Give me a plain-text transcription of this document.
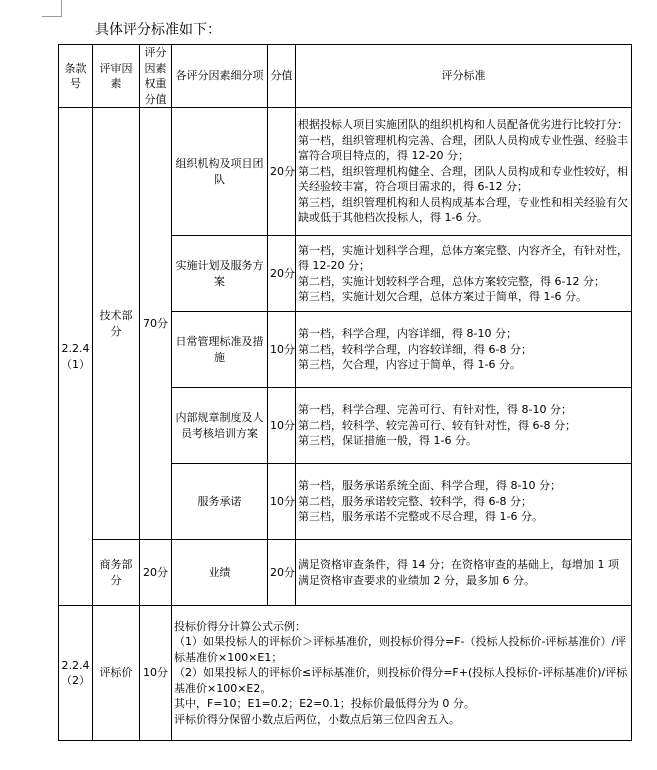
具体评分标准如下：
条款号	评审因素	评分因素权重分值	各评分因素细分项	分值	评分标准
2.2.4（1）	技术部分	70分	组织机构及项目团队	20分	根据投标人项目实施团队的组织机构和人员配备优劣进行比较打分：
第一档，组织管理机构完善、合理，团队人员构成专业性强、经验丰富符合项目特点的，得 12-20 分；
第二档，组织管理机构健全、合理，团队人员构成和专业性较好，相关经验较丰富，符合项目需求的，得 6-12 分；
第三档，组织管理机构和人员构成基本合理，专业性和相关经验有欠缺或低于其他档次投标人，得 1-6 分。

			实施计划及服务方案	20分	第一档，实施计划科学合理，总体方案完整、内容齐全，有针对性，得 12-20 分；
第二档，实施计划较科学合理，总体方案较完整，得 6-12 分；
第三档，实施计划欠合理，总体方案过于简单，得 1-6 分。

			日常管理标准及措施	10分	第一档，科学合理，内容详细，得 8-10 分；
第二档，较科学合理，内容较详细，得 6-8 分；
第三档，欠合理，内容过于简单，得 1-6 分。

			内部规章制度及人员考核培训方案	10分	第一档，科学合理、完善可行、有针对性，得 8-10 分；
第二档，较科学、较完善可行、较有针对性，得 6-8 分；
第三档，保证措施一般，得 1-6 分。

			服务承诺	10分	第一档，服务承诺系统全面、科学合理，得 8-10 分；
第二档，服务承诺较完整、较科学，得 6-8 分；
第三档，服务承诺不完整或不尽合理，得 1-6 分。

	商务部分	20分	业绩	20分	满足资格审查条件，得 14 分；在资格审查的基础上，每增加 1 项满足资格审查要求的业绩加 2 分，最多加 6 分。
2.2.4（2）	评标价	10分	投标价得分计算公式示例：
（1）如果投标人的评标价＞评标基准价，则投标价得分=F-（投标人投标价-评标基准价）/评标基准价×100×E1；
（2）如果投标人的评标价≤评标基准价，则投标价得分=F+(投标人投标价-评标基准价)/评标基准价×100×E2。
其中，F=10；E1=0.2；E2=0.1；投标价最低得分为 0 分。
评标价得分保留小数点后两位，小数点后第三位四舍五入。		
